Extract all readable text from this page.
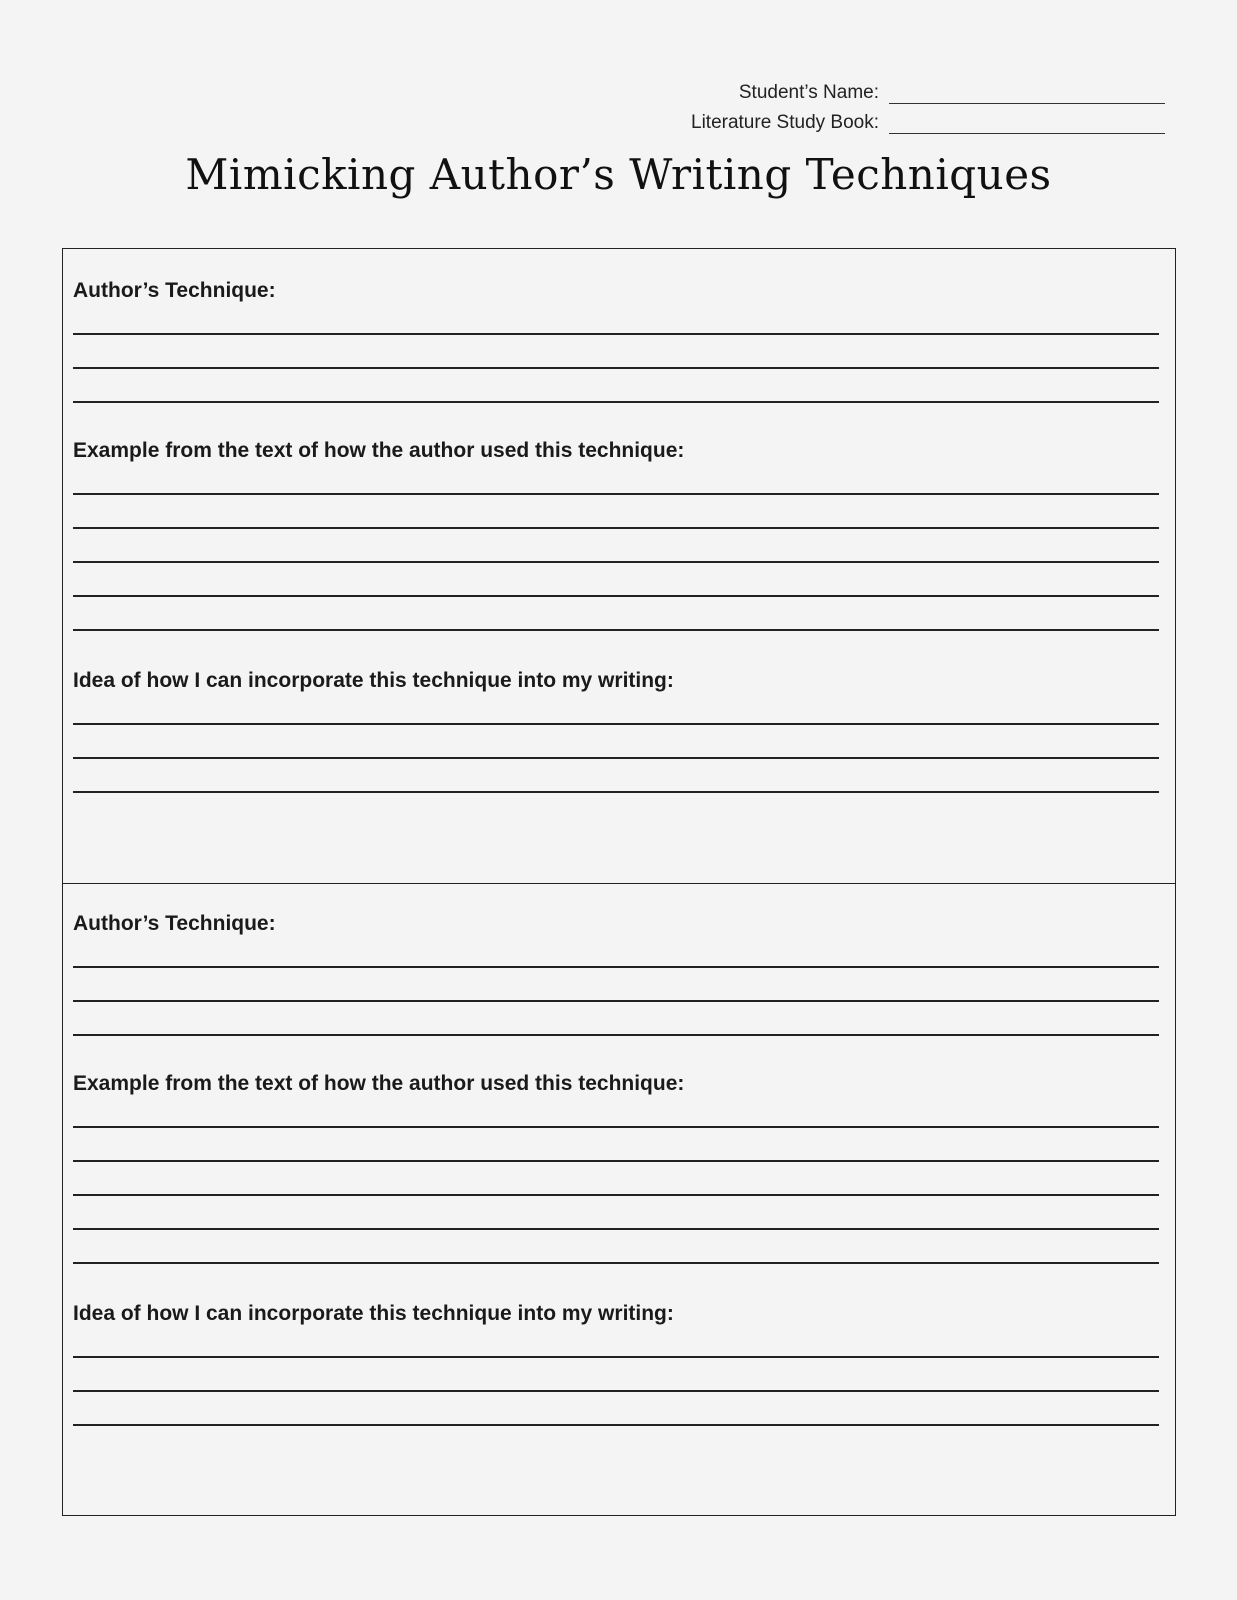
Student’s Name:
Literature Study Book:
Mimicking Author’s Writing Techniques
Author’s Technique:
Example from the text of how the author used this technique:
Idea of how I can incorporate this technique into my writing:
Author’s Technique:
Example from the text of how the author used this technique:
Idea of how I can incorporate this technique into my writing:
